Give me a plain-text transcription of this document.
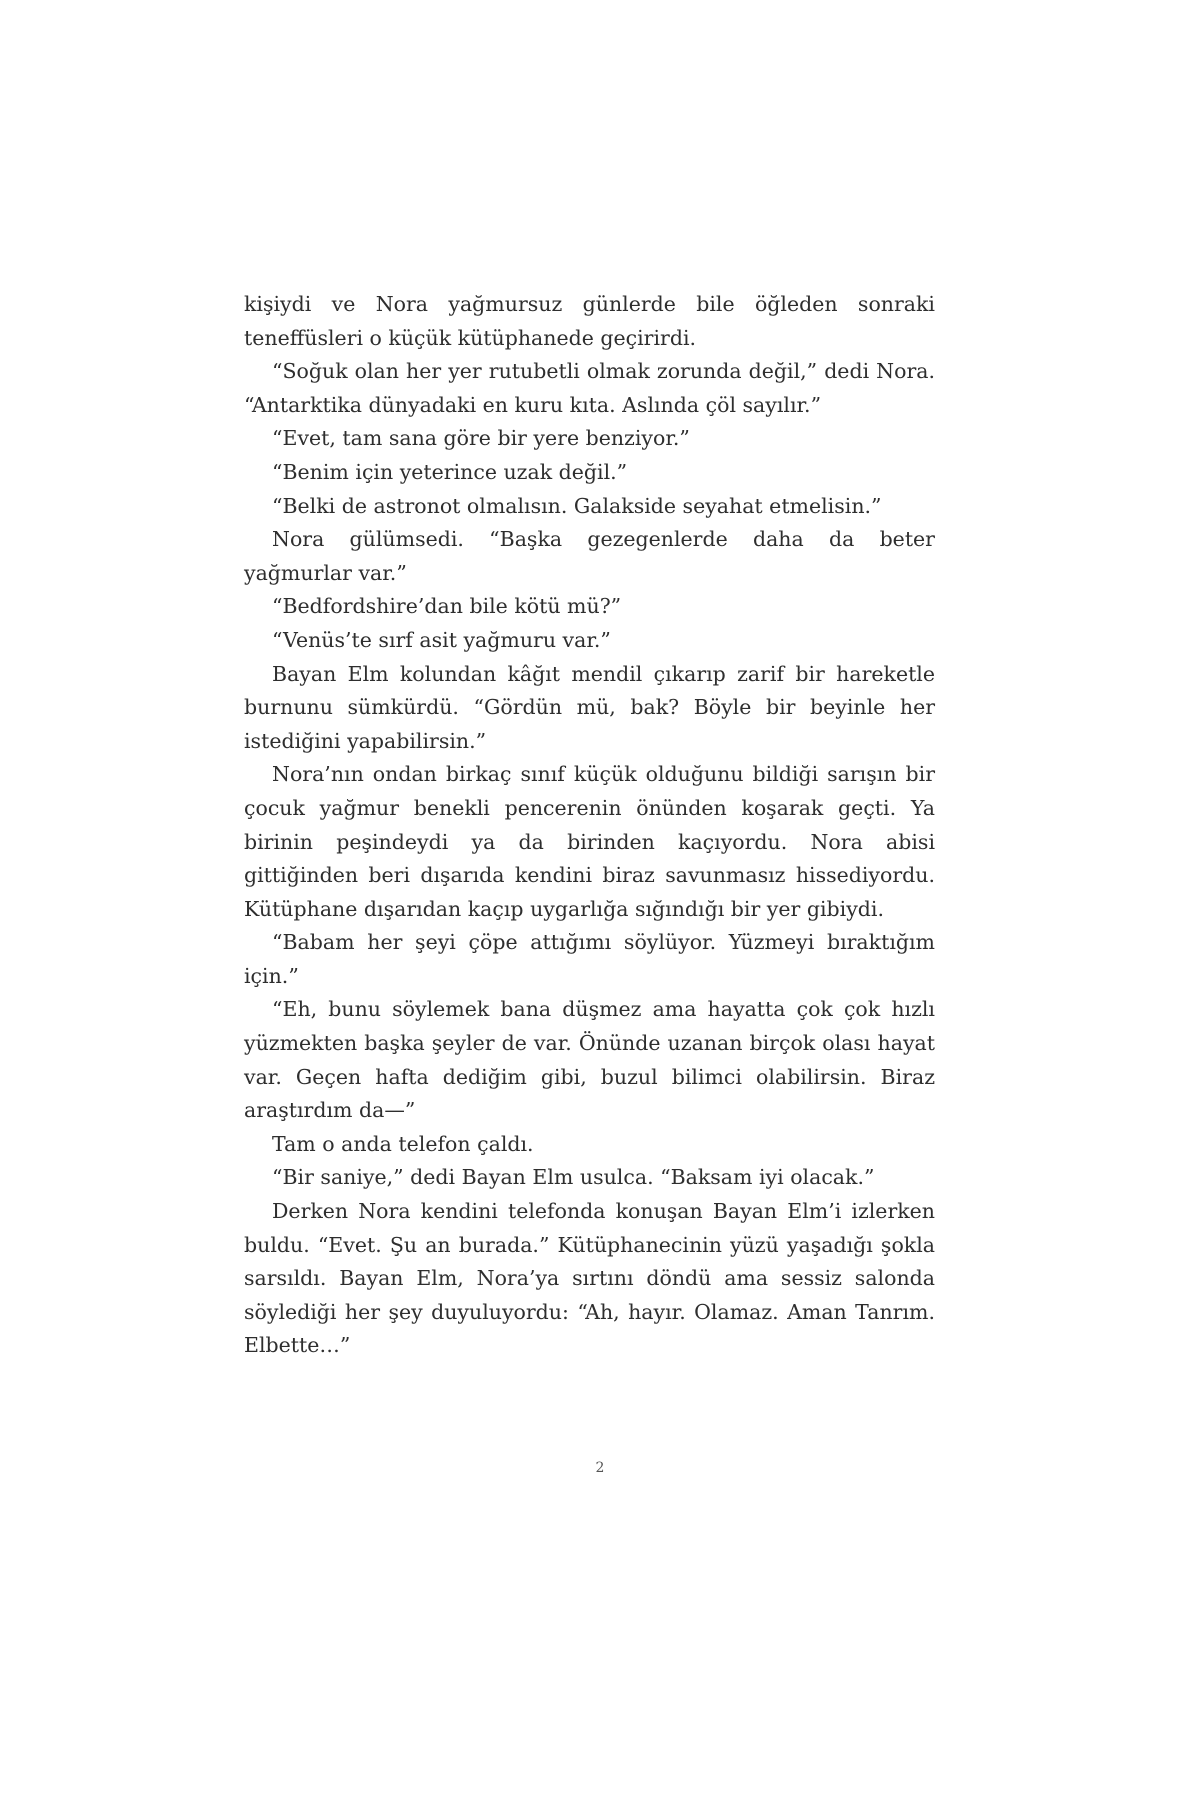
kişiydi ve Nora yağmursuz günlerde bile öğleden sonraki teneffüsleri o küçük kütüphanede geçirirdi.

“Soğuk olan her yer rutubetli olmak zorunda değil,” dedi Nora. “Antarktika dünyadaki en kuru kıta. Aslında çöl sayılır.”

“Evet, tam sana göre bir yere benziyor.”

“Benim için yeterince uzak değil.”

“Belki de astronot olmalısın. Galakside seyahat etmelisin.”

Nora gülümsedi. “Başka gezegenlerde daha da beter yağmurlar var.”

“Bedfordshire’dan bile kötü mü?”

“Venüs’te sırf asit yağmuru var.”

Bayan Elm kolundan kâğıt mendil çıkarıp zarif bir hareketle burnunu sümkürdü. “Gördün mü, bak? Böyle bir beyinle her istediğini yapabilirsin.”

Nora’nın ondan birkaç sınıf küçük olduğunu bildiği sarışın bir çocuk yağmur benekli pencerenin önünden koşarak geçti. Ya birinin peşindeydi ya da birinden kaçıyordu. Nora abisi gittiğinden beri dışarıda kendini biraz savunmasız hissediyordu. Kütüphane dışarıdan kaçıp uygarlığa sığındığı bir yer gibiydi.

“Babam her şeyi çöpe attığımı söylüyor. Yüzmeyi bıraktığım için.”

“Eh, bunu söylemek bana düşmez ama hayatta çok çok hızlı yüzmekten başka şeyler de var. Önünde uzanan birçok olası hayat var. Geçen hafta dediğim gibi, buzul bilimci olabilirsin. Biraz araştırdım da—”

Tam o anda telefon çaldı.

“Bir saniye,” dedi Bayan Elm usulca. “Baksam iyi olacak.”

Derken Nora kendini telefonda konuşan Bayan Elm’i izlerken buldu. “Evet. Şu an burada.” Kütüphanecinin yüzü yaşadığı şokla sarsıldı. Bayan Elm, Nora’ya sırtını döndü ama sessiz salonda söylediği her şey duyuluyordu: “Ah, hayır. Olamaz. Aman Tanrım. Elbette…”

2
